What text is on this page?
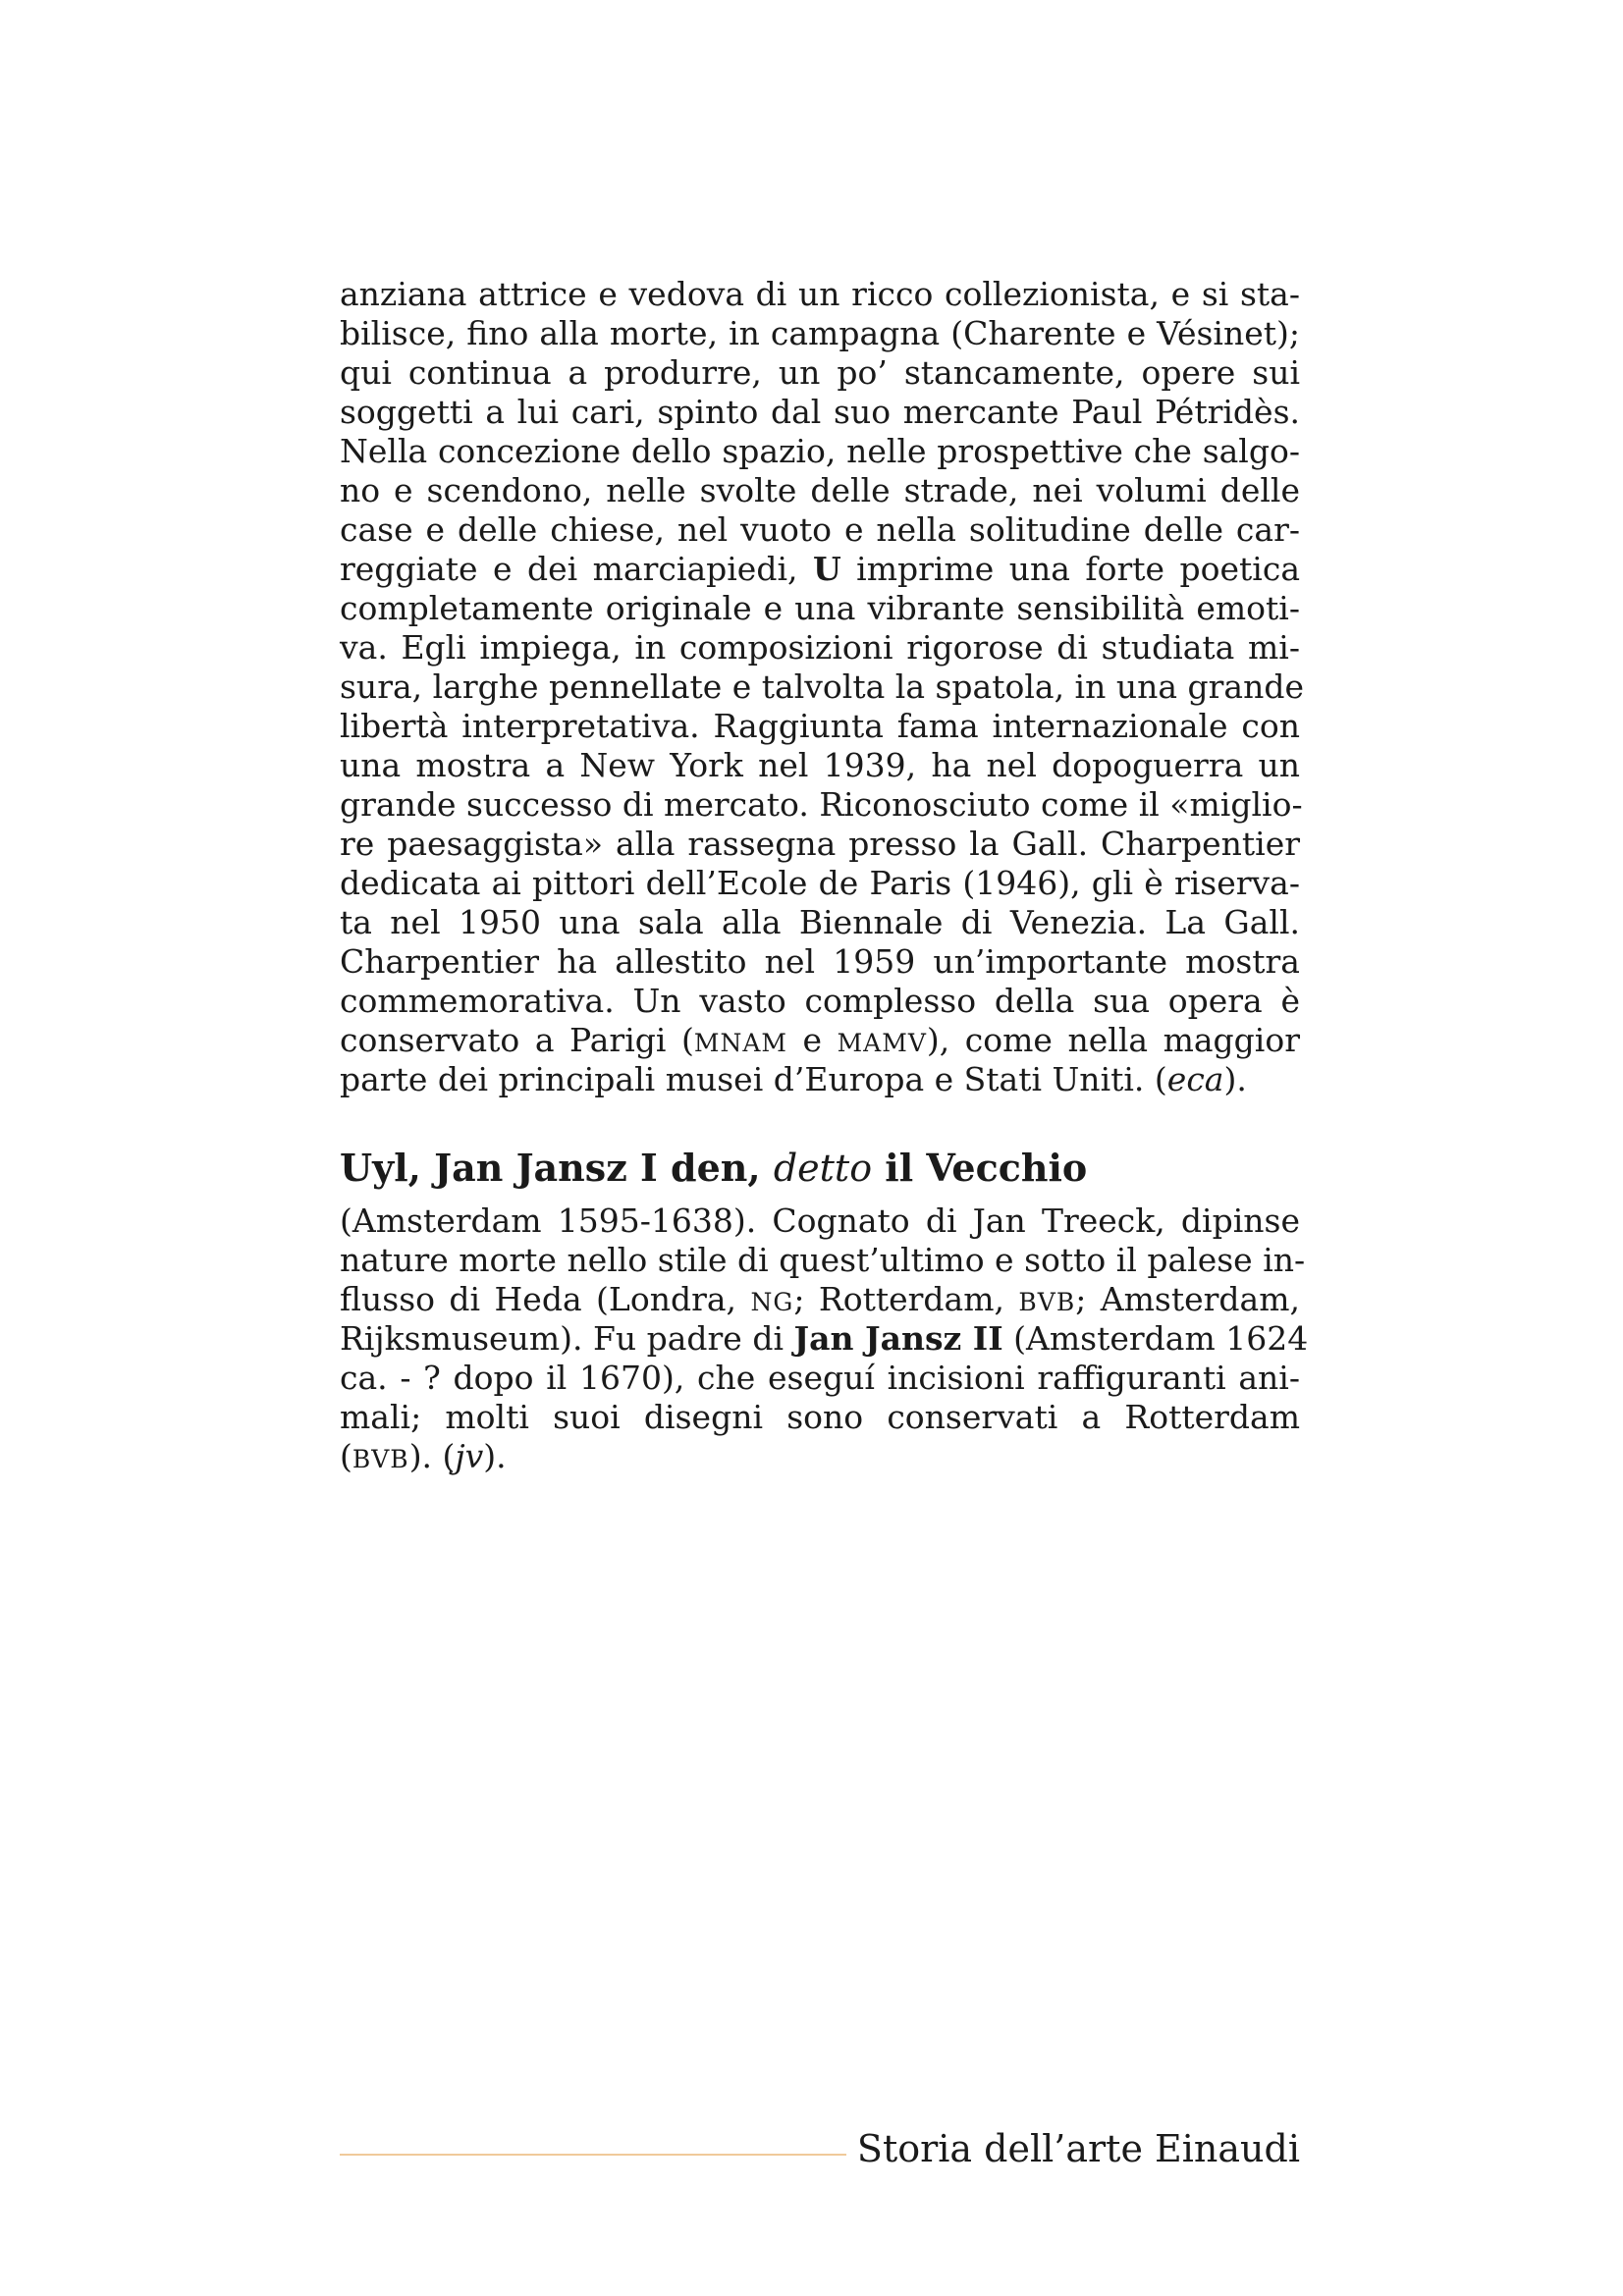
anziana attrice e vedova di un ricco collezionista, e si sta-
bilisce, fino alla morte, in campagna (Charente e Vésinet);
qui continua a produrre, un po’ stancamente, opere sui
soggetti a lui cari, spinto dal suo mercante Paul Pétridès.
Nella concezione dello spazio, nelle prospettive che salgo-
no e scendono, nelle svolte delle strade, nei volumi delle
case e delle chiese, nel vuoto e nella solitudine delle car-
reggiate e dei marciapiedi, U imprime una forte poetica
completamente originale e una vibrante sensibilità emoti-
va. Egli impiega, in composizioni rigorose di studiata mi-
sura, larghe pennellate e talvolta la spatola, in una grande
libertà interpretativa. Raggiunta fama internazionale con
una mostra a New York nel 1939, ha nel dopoguerra un
grande successo di mercato. Riconosciuto come il «miglio-
re paesaggista» alla rassegna presso la Gall. Charpentier
dedicata ai pittori dell’Ecole de Paris (1946), gli è riserva-
ta nel 1950 una sala alla Biennale di Venezia. La Gall.
Charpentier ha allestito nel 1959 un’importante mostra
commemorativa. Un vasto complesso della sua opera è
conservato a Parigi (MNAM e MAMV), come nella maggior
parte dei principali musei d’Europa e Stati Uniti. (eca).
Uyl, Jan Jansz I den, detto il Vecchio
(Amsterdam 1595-1638). Cognato di Jan Treeck, dipinse
nature morte nello stile di quest’ultimo e sotto il palese in-
flusso di Heda (Londra, NG; Rotterdam, BVB; Amsterdam,
Rijksmuseum). Fu padre di Jan Jansz II (Amsterdam 1624
ca. - ? dopo il 1670), che eseguí incisioni raffiguranti ani-
mali; molti suoi disegni sono conservati a Rotterdam
(BVB). (jv).
Storia dell’arte Einaudi
